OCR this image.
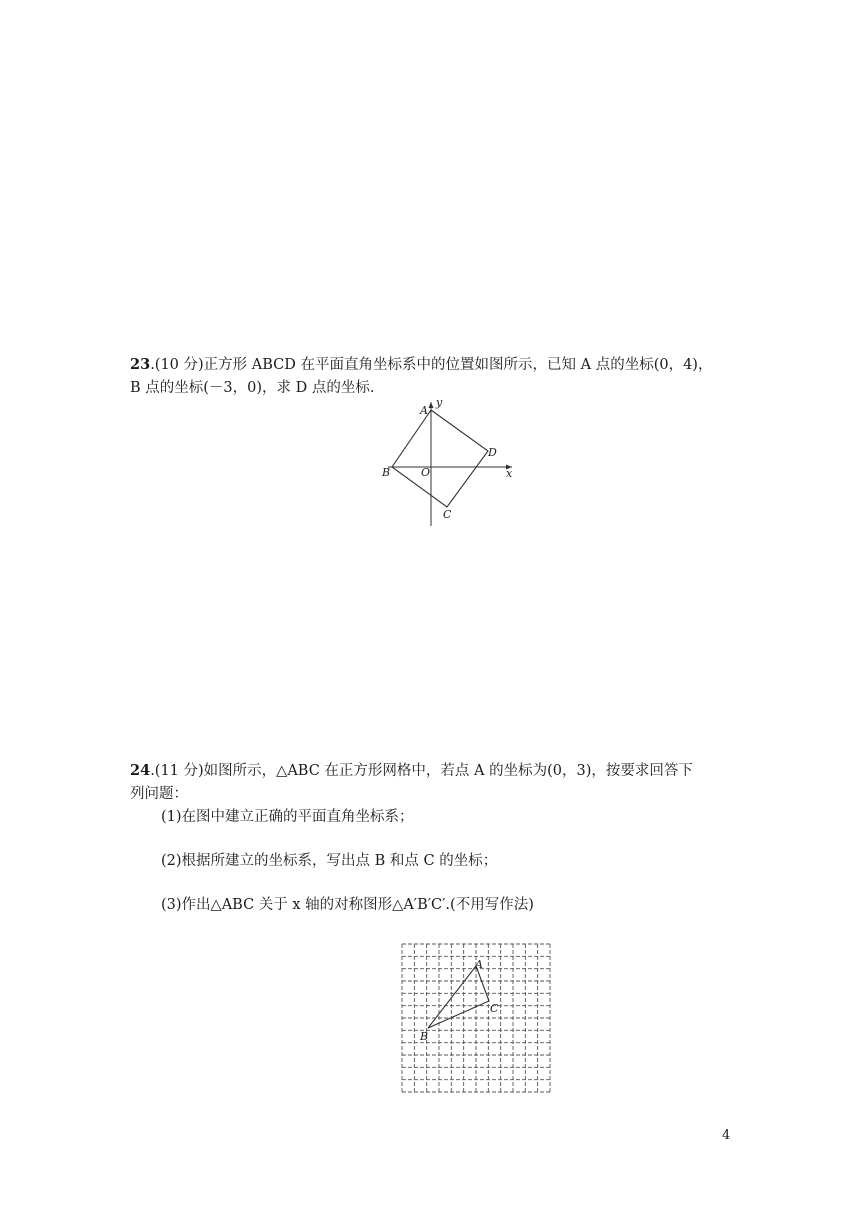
23.(10 分)正方形 ABCD 在平面直角坐标系中的位置如图所示，已知 A 点的坐标(0，4)，
B 点的坐标(－3，0)，求 D 点的坐标.
A
y
D
B	O	x
C
24.(11 分)如图所示，△ABC 在正方形网格中，若点 A 的坐标为(0，3)，按要求回答下
列问题：
(1)在图中建立正确的平面直角坐标系；
(2)根据所建立的坐标系，写出点 B 和点 C 的坐标；
(3)作出△ABC 关于 x 轴的对称图形△A′B′C′.(不用写作法)
A
C
B
4
